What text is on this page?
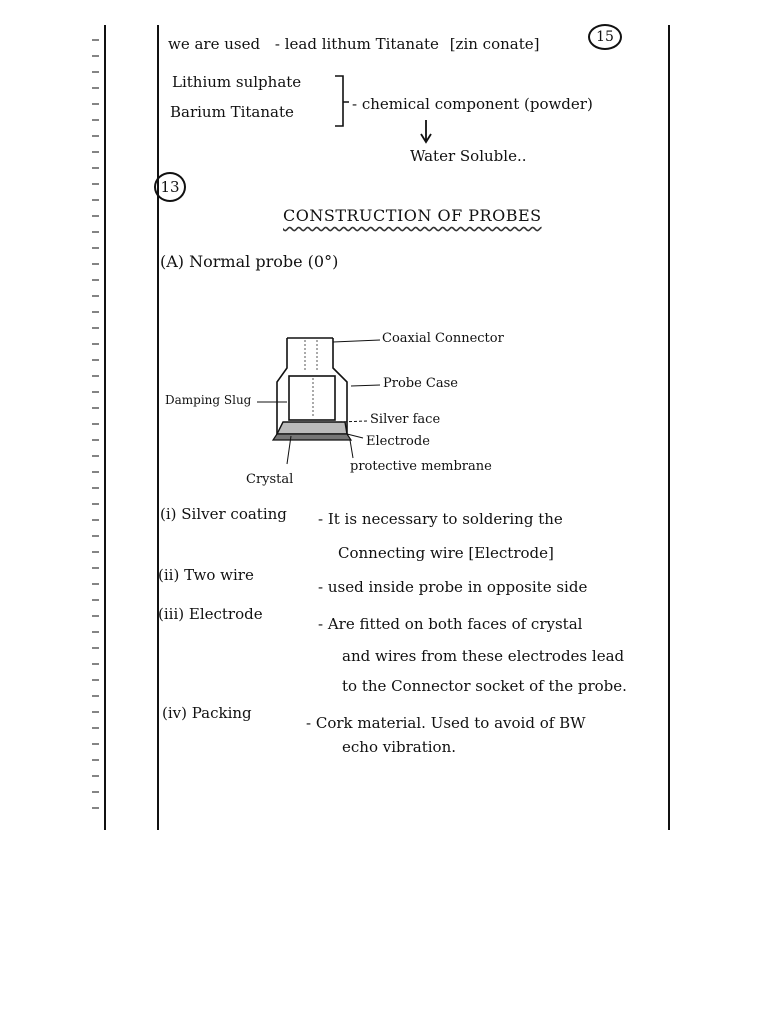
15
we are used - lead lithum Titanate [zin conate]
Lithium sulphate
Barium Titanate	- chemical component (powder)
Water Soluble..
13
CONSTRUCTION OF PROBES
(A) Normal probe (0°)
Coaxial Connector
Probe Case
Damping Slug
Silver face
Electrode
protective membrane
Crystal
(i) Silver coating - It is necessary to soldering the
Connecting wire [Electrode]
(ii) Two wire
- used inside probe in opposite side
(iii) Electrode
- Are fitted on both faces of crystal
and wires from these electrodes lead
to the Connector socket of the probe.
(iv) Packing
- Cork material. Used to avoid of BW
echo vibration.
